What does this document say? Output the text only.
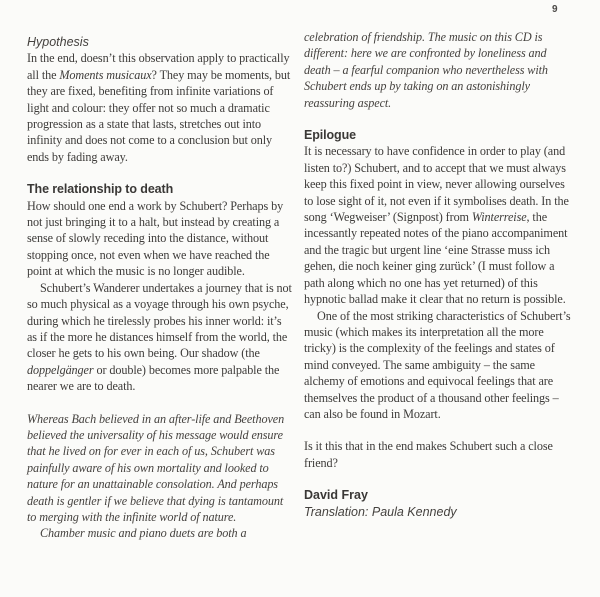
9
Hypothesis

In the end, doesn’t this observation apply to practically all the Moments musicaux? They may be moments, but they are fixed, benefiting from infinite variations of light and colour: they offer not so much a dramatic progression as a state that lasts, stretches out into infinity and does not come to a conclusion but only ends by fading away.

The relationship to death

How should one end a work by Schubert? Perhaps by not just bringing it to a halt, but instead by creating a sense of slowly receding into the distance, without stopping once, not even when we have reached the point at which the music is no longer audible.

Schubert’s Wanderer undertakes a journey that is not so much physical as a voyage through his own psyche, during which he tirelessly probes his inner world: it’s as if the more he distances himself from the world, the closer he gets to his own being. Our shadow (the doppelgänger or double) becomes more palpable the nearer we are to death.

Whereas Bach believed in an after-life and Beethoven believed the universality of his message would ensure that he lived on for ever in each of us, Schubert was painfully aware of his own mortality and looked to nature for an unattainable consolation. And perhaps death is gentler if we believe that dying is tantamount to merging with the infinite world of nature.

Chamber music and piano duets are both a

celebration of friendship. The music on this CD is different: here we are confronted by loneliness and death – a fearful companion who nevertheless with Schubert ends up by taking on an astonishingly reassuring aspect.

Epilogue

It is necessary to have confidence in order to play (and listen to?) Schubert, and to accept that we must always keep this fixed point in view, never allowing ourselves to lose sight of it, not even if it symbolises death. In the song ‘Wegweiser’ (Signpost) from Winterreise, the incessantly repeated notes of the piano accompaniment and the tragic but urgent line ‘eine Strasse muss ich gehen, die noch keiner ging zurück’ (I must follow a path along which no one has yet returned) of this hypnotic ballad make it clear that no return is possible.

One of the most striking characteristics of Schubert’s music (which makes its interpretation all the more tricky) is the complexity of the feelings and states of mind conveyed. The same ambiguity – the same alchemy of emotions and equivocal feelings that are themselves the product of a thousand other feelings – can also be found in Mozart.

Is it this that in the end makes Schubert such a close friend?

David Fray
Translation: Paula Kennedy
